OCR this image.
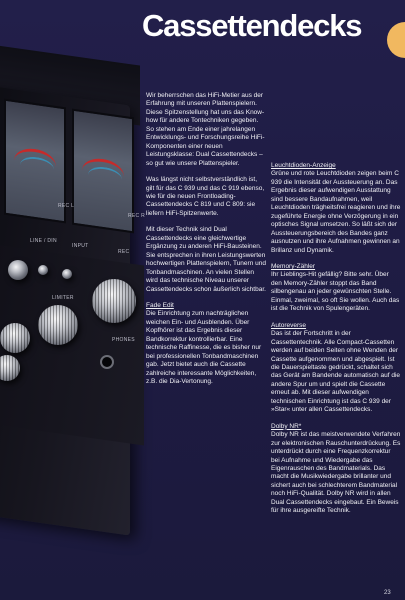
REC L
REC R
LINE / DIN
INPUT
REC
LIMITER
PHONES
Cassettendecks

Wir beherrschen das HiFi-Metier aus der Erfahrung mit unseren Plattenspielern. Diese Spitzenstellung hat uns das Know-how für andere Tontechniken gegeben. So stehen am Ende einer jahrelangen Entwicklungs- und Forschungsreihe HiFi-Komponenten einer neuen Leistungsklasse: Dual Cassettendecks – so gut wie unsere Plattenspieler.

Was längst nicht selbstverständlich ist, gilt für das C 939 und das C 919 ebenso, wie für die neuen Frontloading-Cassettendecks C 819 und C 809: sie liefern HiFi-Spitzenwerte.

Mit dieser Technik sind Dual Cassettendecks eine gleichwertige Ergänzung zu anderen HiFi-Bausteinen. Sie entsprechen in ihren Leistungswerten hochwertigen Plattenspielern, Tunern und Tonbandmaschinen. An vielen Stellen wird das technische Niveau unserer Cassettendecks schon äußerlich sichtbar.

Fade Edit

Die Einrichtung zum nachträglichen weichen Ein- und Ausblenden. Über Kopfhörer ist das Ergebnis dieser Bandkorrektur kontrollierbar. Eine technische Raffinesse, die es bisher nur bei professionellen Tonbandmaschinen gab. Jetzt bietet auch die Cassette zahlreiche interessante Möglichkeiten, z.B. die Dia-Vertonung.

Leuchtdioden-Anzeige

Grüne und rote Leuchtdioden zeigen beim C 939 die Intensität der Aussteuerung an. Das Ergebnis dieser aufwendigen Ausstattung sind bessere Bandaufnahmen, weil Leuchtdioden trägheitsfrei reagieren und ihre zugeführte Energie ohne Verzögerung in ein optisches Signal umsetzen. So läßt sich der Aussteuerungsbereich des Bandes ganz ausnutzen und ihre Aufnahmen gewinnen an Brillanz und Dynamik.

Memory-Zähler

Ihr Lieblings-Hit gefällig? Bitte sehr. Über den Memory-Zähler stoppt das Band silbengenau an jeder gewünschten Stelle. Einmal, zweimal, so oft Sie wollen. Auch das ist die Technik von Spulengeräten.

Autoreverse

Das ist der Fortschritt in der Cassettentechnik. Alle Compact-Cassetten werden auf beiden Seiten ohne Wenden der Cassette aufgenommen und abgespielt. Ist die Dauerspieltaste gedrückt, schaltet sich das Gerät am Bandende automatisch auf die andere Spur um und spielt die Cassette erneut ab. Mit dieser aufwendigen technischen Einrichtung ist das C 939 der »Star« unter allen Cassettendecks.

Dolby NR*

Dolby NR ist das meistverwendete Verfahren zur elektronischen Rauschunterdrückung. Es unterdrückt durch eine Frequenzkorrektur bei Aufnahme und Wiedergabe das Eigenrauschen des Bandmaterials. Das macht die Musikwiedergabe brillanter und sichert auch bei schlechterem Bandmaterial noch HiFi-Qualität. Dolby NR wird in allen Dual Cassettendecks eingebaut. Ein Beweis für ihre ausgereifte Technik.

23
